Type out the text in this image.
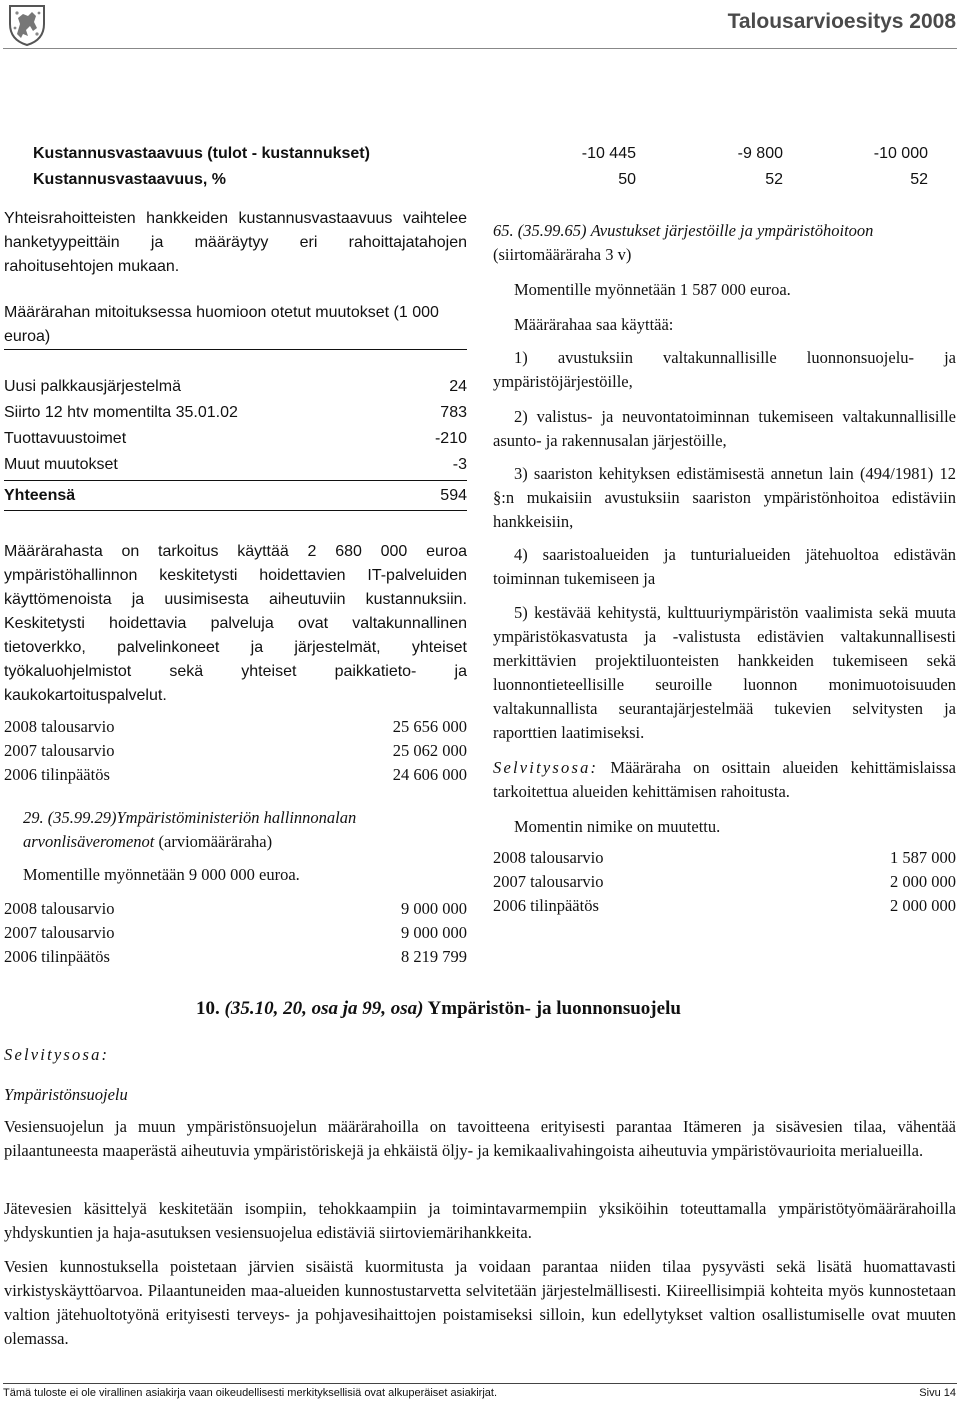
Talousarvioesitys 2008
Kustannusvastaavuus (tulot - kustannukset)	-10 445	-9 800	-10 000
Kustannusvastaavuus, %	50	52	52

Yhteisrahoitteisten hankkeiden kustannusvastaavuus vaihtelee hanketyypeittäin ja määräytyy eri rahoittajatahojen rahoitusehtojen mukaan.

Määrärahan mitoituksessa huomioon otetut muutokset (1 000 euroa)

Uusi palkkausjärjestelmä	24
Siirto 12 htv momentilta 35.01.02	783
Tuottavuustoimet	-210
Muut muutokset	-3
Yhteensä	594

Määrärahasta on tarkoitus käyttää 2 680 000 euroa ympäristöhallinnon keskitetysti hoidettavien IT-palveluiden käyttömenoista ja uusimisesta aiheutuviin kustannuksiin. Keskitetysti hoidettavia palveluja ovat valtakunnallinen tietoverkko, palvelinkoneet ja järjestelmät, yhteiset työkaluohjelmistot sekä yhteiset paikkatieto- ja kaukokartoituspalvelut.

2008 talousarvio	25 656 000
2007 talousarvio	25 062 000
2006 tilinpäätös	24 606 000

29. (35.99.29)Ympäristöministeriön hallinnonalan arvonlisäveromenot (arviomääräraha)

Momentille myönnetään 9 000 000 euroa.

2008 talousarvio	9 000 000
2007 talousarvio	9 000 000
2006 tilinpäätös	8 219 799

65. (35.99.65) Avustukset järjestöille ja ympäristöhoitoon (siirtomääräraha 3 v)

Momentille myönnetään 1 587 000 euroa.

Määrärahaa saa käyttää:

1) avustuksiin valtakunnallisille luonnonsuojelu- ja ympäristöjärjestöille,

2) valistus- ja neuvontatoiminnan tukemiseen valtakunnallisille asunto- ja rakennusalan järjestöille,

3) saariston kehityksen edistämisestä annetun lain (494/1981) 12 §:n mukaisiin avustuksiin saariston ympäristönhoitoa edistäviin hankkeisiin,

4) saaristoalueiden ja tunturialueiden jätehuoltoa edistävän toiminnan tukemiseen ja

5) kestävää kehitystä, kulttuuriympäristön vaalimista sekä muuta ympäristökasvatusta ja -valistusta edistävien valtakunnallisesti merkittävien projektiluonteisten hankkeiden tukemiseen sekä luonnontieteellisille seuroille luonnon monimuotoisuuden valtakunnallista seurantajärjestelmää tukevien selvitysten ja raporttien laatimiseksi.

Selvitysosa: Määräraha on osittain alueiden kehittämislaissa tarkoitettua alueiden kehittämisen rahoitusta.

Momentin nimike on muutettu.

2008 talousarvio	1 587 000
2007 talousarvio	2 000 000
2006 tilinpäätös	2 000 000
10. (35.10, 20, osa ja 99, osa) Ympäristön- ja luonnonsuojelu
Selvitysosa:
Ympäristönsuojelu

Vesiensuojelun ja muun ympäristönsuojelun määrärahoilla on tavoitteena erityisesti parantaa Itämeren ja sisävesien tilaa, vähentää pilaantuneesta maaperästä aiheutuvia ympäristöriskejä ja ehkäistä öljy- ja kemikaalivahingoista aiheutuvia ympäristövaurioita merialueilla.

Jätevesien käsittelyä keskitetään isompiin, tehokkaampiin ja toimintavarmempiin yksiköihin toteuttamalla ympäristötyömäärärahoilla yhdyskuntien ja haja-asutuksen vesiensuojelua edistäviä siirtoviemärihankkeita.

Vesien kunnostuksella poistetaan järvien sisäistä kuormitusta ja voidaan parantaa niiden tilaa pysyvästi sekä lisätä huomattavasti virkistyskäyttöarvoa. Pilaantuneiden maa-alueiden kunnostustarvetta selvitetään järjestelmällisesti. Kiireellisimpiä kohteita myös kunnostetaan valtion jätehuoltotyönä erityisesti terveys- ja pohjavesihaittojen poistamiseksi silloin, kun edellytykset valtion osallistumiselle ovat muuten olemassa.

Tämä tuloste ei ole virallinen asiakirja vaan oikeudellisesti merkityksellisiä ovat alkuperäiset asiakirjat.	Sivu 14
